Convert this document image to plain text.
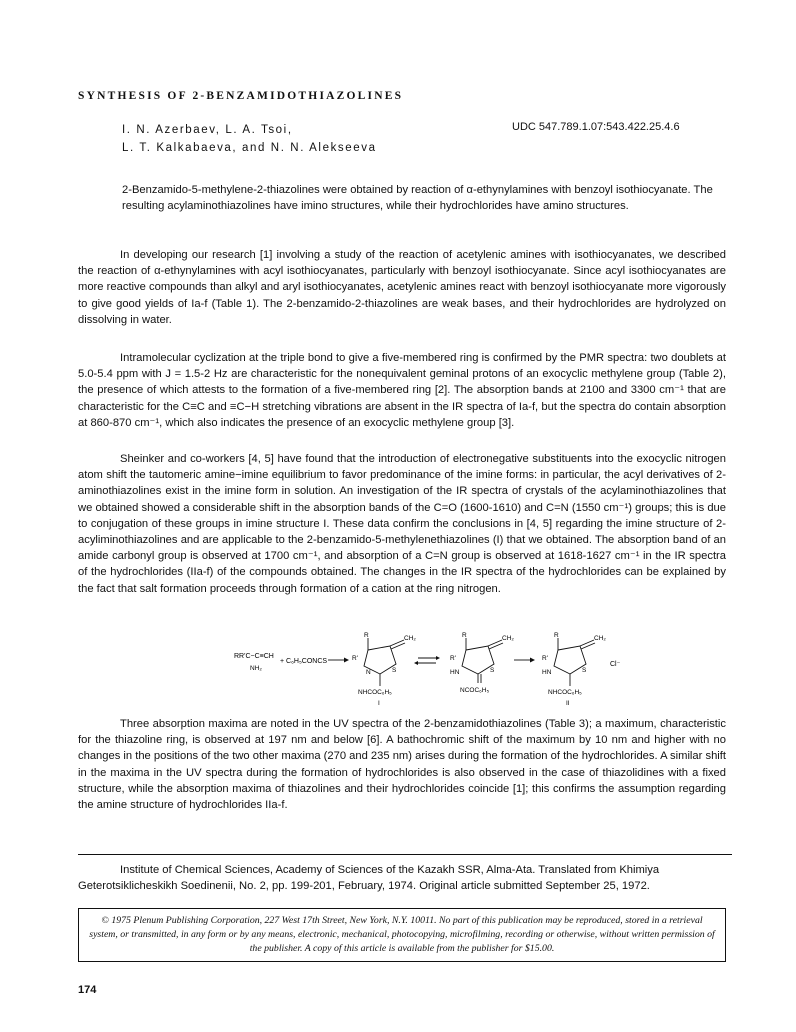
SYNTHESIS OF 2-BENZAMIDOTHIAZOLINES
I. N. Azerbaev, L. A. Tsoi,
L. T. Kalkabaeva, and N. N. Alekseeva
UDC 547.789.1.07:543.422.25.4.6
2-Benzamido-5-methylene-2-thiazolines were obtained by reaction of α-ethynylamines with benzoyl isothiocyanate. The resulting acylaminothiazolines have imino structures, while their hydrochlorides have amino structures.

In developing our research [1] involving a study of the reaction of acetylenic amines with isothiocyanates, we described the reaction of α-ethynylamines with acyl isothiocyanates, particularly with benzoyl isothiocyanate. Since acyl isothiocyanates are more reactive compounds than alkyl and aryl isothiocyanates, acetylenic amines react with benzoyl isothiocyanate more vigorously to give good yields of Ia-f (Table 1). The 2-benzamido-2-thiazolines are weak bases, and their hydrochlorides are hydrolyzed on dissolving in water.

Intramolecular cyclization at the triple bond to give a five-membered ring is confirmed by the PMR spectra: two doublets at 5.0-5.4 ppm with J = 1.5-2 Hz are characteristic for the nonequivalent geminal protons of an exocyclic methylene group (Table 2), the presence of which attests to the formation of a five-membered ring [2]. The absorption bands at 2100 and 3300 cm⁻¹ that are characteristic for the C≡C and ≡C−H stretching vibrations are absent in the IR spectra of Ia-f, but the spectra do contain absorption at 860-870 cm⁻¹, which also indicates the presence of an exocyclic methylene group [3].

Sheinker and co-workers [4, 5] have found that the introduction of electronegative substituents into the exocyclic nitrogen atom shift the tautomeric amine−imine equilibrium to favor predominance of the imine forms: in particular, the acyl derivatives of 2-aminothiazolines exist in the imine form in solution. An investigation of the IR spectra of crystals of the acylaminothiazolines that we obtained showed a considerable shift in the absorption bands of the C=O (1600-1610) and C=N (1550 cm⁻¹) groups; this is due to conjugation of these groups in imine structure I. These data confirm the conclusions in [4, 5] regarding the imine structure of 2-acyliminothiazolines and are applicable to the 2-benzamido-5-methylenethiazolines (I) that we obtained. The absorption band of an amide carbonyl group is observed at 1700 cm⁻¹, and absorption of a C=N group is observed at 1618-1627 cm⁻¹ in the IR spectra of the hydrochlorides (IIa-f) of the compounds obtained. The changes in the IR spectra of the hydrochlorides can be explained by the fact that salt formation proceeds through formation of a cation at the ring nitrogen.

RR'C−C≡CH
NH₂
+ C₆H₅CONCS
R
R'
CH₂
S
N
NHCOC₆H₅
I
R
R'
CH₂
S
HN
NCOC₆H₅
R
R'
CH₂
S
HN
Cl⁻
NHCOC₆H₅
II

Three absorption maxima are noted in the UV spectra of the 2-benzamidothiazolines (Table 3); a maximum, characteristic for the thiazoline ring, is observed at 197 nm and below [6]. A bathochromic shift of the maximum by 10 nm and higher with no changes in the positions of the two other maxima (270 and 235 nm) arises during the formation of the hydrochlorides. A similar shift in the maxima in the UV spectra during the formation of hydrochlorides is also observed in the case of thiazolidines with a fixed structure, while the absorption maxima of thiazolines and their hydrochlorides coincide [1]; this confirms the assumption regarding the amine structure of hydrochlorides IIa-f.

Institute of Chemical Sciences, Academy of Sciences of the Kazakh SSR, Alma-Ata. Translated from Khimiya Geterotsiklicheskikh Soedinenii, No. 2, pp. 199-201, February, 1974. Original article submitted September 25, 1972.

© 1975 Plenum Publishing Corporation, 227 West 17th Street, New York, N.Y. 10011. No part of this publication may be reproduced, stored in a retrieval system, or transmitted, in any form or by any means, electronic, mechanical, photocopying, microfilming, recording or otherwise, without written permission of the publisher. A copy of this article is available from the publisher for $15.00.
174
